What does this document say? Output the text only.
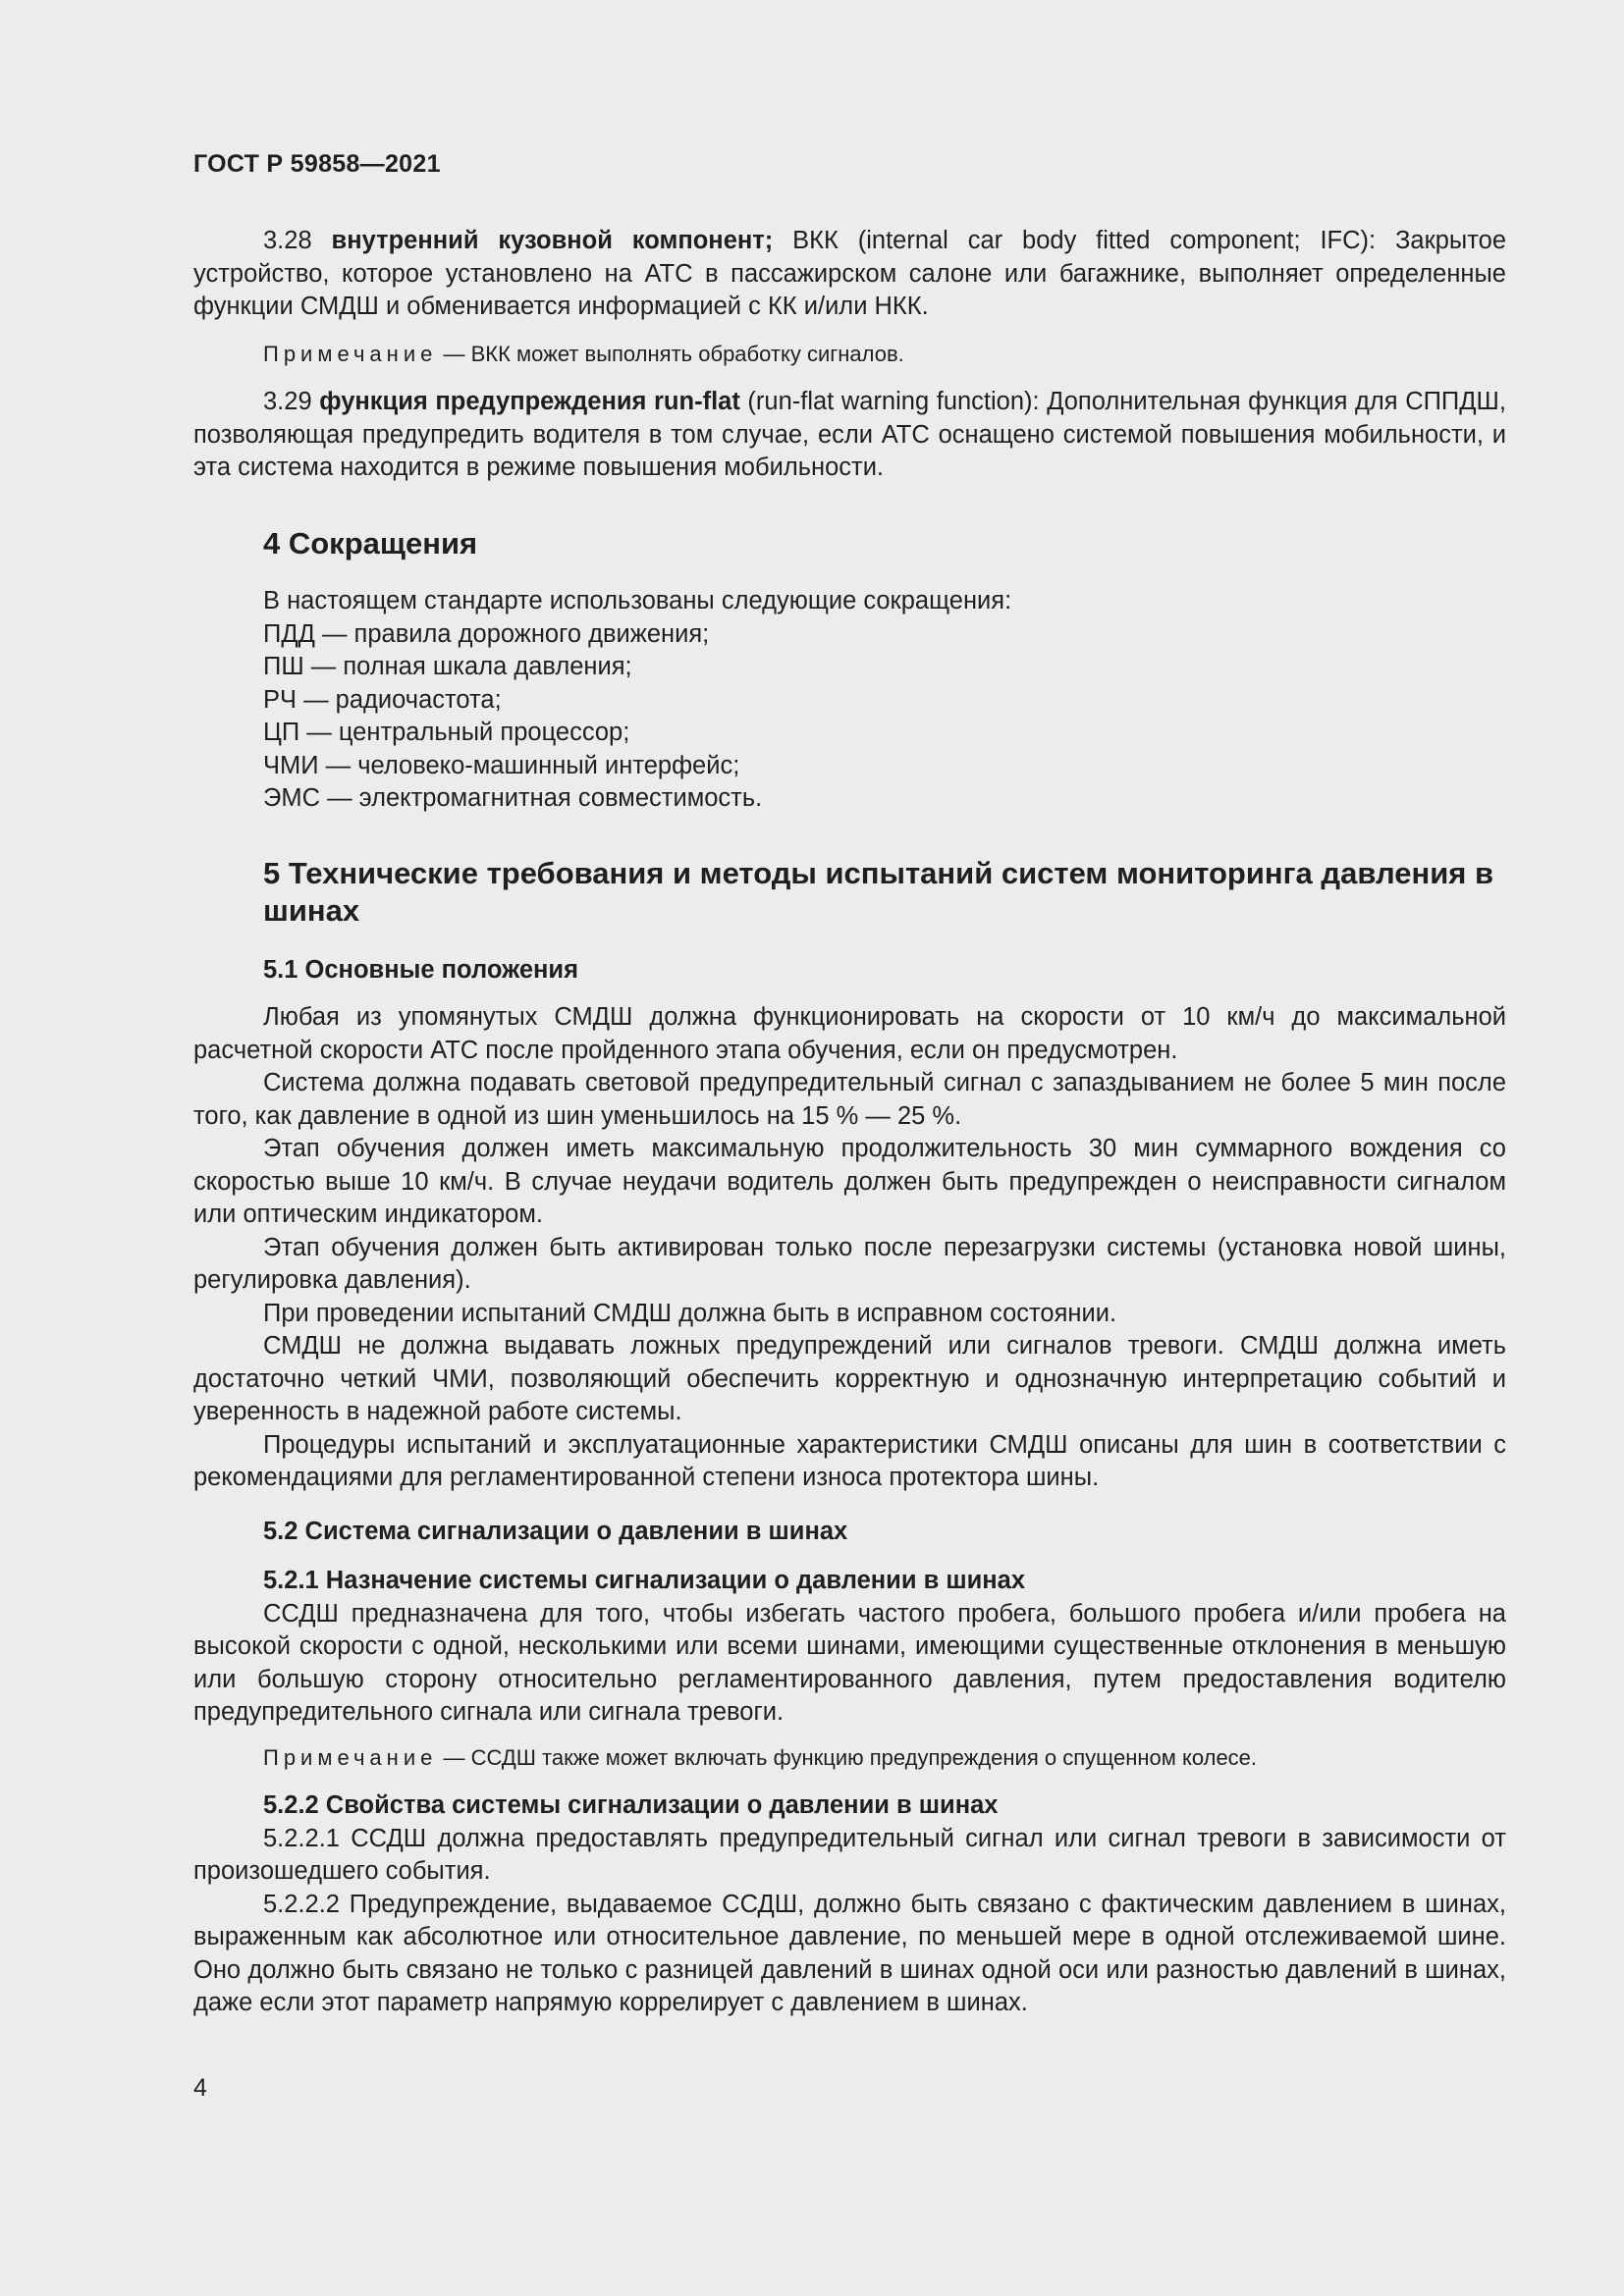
ГОСТ Р 59858—2021

3.28 внутренний кузовной компонент; ВКК (internal car body fitted component; IFC): Закрытое устройство, которое установлено на АТС в пассажирском салоне или багажнике, выполняет определенные функции СМДШ и обменивается информацией с КК и/или НКК.

Примечание — ВКК может выполнять обработку сигналов.

3.29 функция предупреждения run-flat (run-flat warning function): Дополнительная функция для СППДШ, позволяющая предупредить водителя в том случае, если АТС оснащено системой повышения мобильности, и эта система находится в режиме повышения мобильности.

4 Сокращения

В настоящем стандарте использованы следующие сокращения:

ПДД — правила дорожного движения;

ПШ — полная шкала давления;

РЧ — радиочастота;

ЦП — центральный процессор;

ЧМИ — человеко-машинный интерфейс;

ЭМС — электромагнитная совместимость.

5 Технические требования и методы испытаний систем мониторинга давления в шинах
5.1 Основные положения

Любая из упомянутых СМДШ должна функционировать на скорости от 10 км/ч до максимальной расчетной скорости АТС после пройденного этапа обучения, если он предусмотрен.

Система должна подавать световой предупредительный сигнал с запаздыванием не более 5 мин после того, как давление в одной из шин уменьшилось на 15 % — 25 %.

Этап обучения должен иметь максимальную продолжительность 30 мин суммарного вождения со скоростью выше 10 км/ч. В случае неудачи водитель должен быть предупрежден о неисправности сигналом или оптическим индикатором.

Этап обучения должен быть активирован только после перезагрузки системы (установка новой шины, регулировка давления).

При проведении испытаний СМДШ должна быть в исправном состоянии.

СМДШ не должна выдавать ложных предупреждений или сигналов тревоги. СМДШ должна иметь достаточно четкий ЧМИ, позволяющий обеспечить корректную и однозначную интерпретацию событий и уверенность в надежной работе системы.

Процедуры испытаний и эксплуатационные характеристики СМДШ описаны для шин в соответствии с рекомендациями для регламентированной степени износа протектора шины.

5.2 Система сигнализации о давлении в шинах
5.2.1 Назначение системы сигнализации о давлении в шинах

ССДШ предназначена для того, чтобы избегать частого пробега, большого пробега и/или пробега на высокой скорости с одной, несколькими или всеми шинами, имеющими существенные отклонения в меньшую или большую сторону относительно регламентированного давления, путем предоставления водителю предупредительного сигнала или сигнала тревоги.

Примечание — ССДШ также может включать функцию предупреждения о спущенном колесе.

5.2.2 Свойства системы сигнализации о давлении в шинах

5.2.2.1 ССДШ должна предоставлять предупредительный сигнал или сигнал тревоги в зависимости от произошедшего события.

5.2.2.2 Предупреждение, выдаваемое ССДШ, должно быть связано с фактическим давлением в шинах, выраженным как абсолютное или относительное давление, по меньшей мере в одной отслеживаемой шине. Оно должно быть связано не только с разницей давлений в шинах одной оси или разностью давлений в шинах, даже если этот параметр напрямую коррелирует с давлением в шинах.

4
